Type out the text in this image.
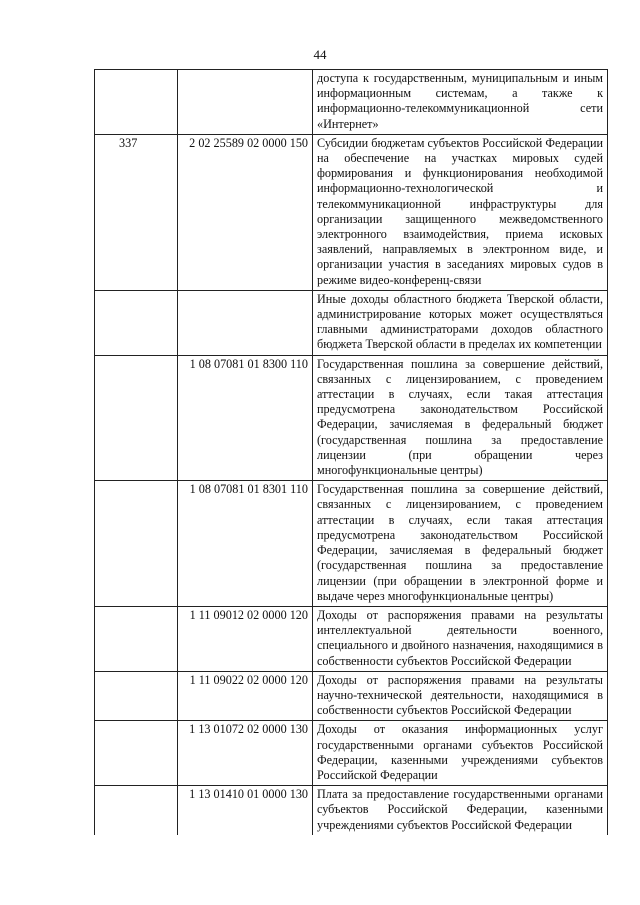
44
		доступа к государственным, муниципальным и иным информационным системам, а также к информационно-телекоммуникационной сети «Интернет»
337	2 02 25589 02 0000 150	Субсидии бюджетам субъектов Российской Федерации на обеспечение на участках мировых судей формирования и функционирования необходимой информационно-технологической и телекоммуникационной инфраструктуры для организации защищенного межведомственного электронного взаимодействия, приема исковых заявлений, направляемых в электронном виде, и организации участия в заседаниях мировых судов в режиме видео-конференц-связи
		Иные доходы областного бюджета Тверской области, администрирование которых может осуществляться главными администраторами доходов областного бюджета Тверской области в пределах их компетенции
	1 08 07081 01 8300 110	Государственная пошлина за совершение действий, связанных с лицензированием, с проведением аттестации в случаях, если такая аттестация предусмотрена законодательством Российской Федерации, зачисляемая в федеральный бюджет (государственная пошлина за предоставление лицензии (при обращении через многофункциональные центры)
	1 08 07081 01 8301 110	Государственная пошлина за совершение действий, связанных с лицензированием, с проведением аттестации в случаях, если такая аттестация предусмотрена законодательством Российской Федерации, зачисляемая в федеральный бюджет (государственная пошлина за предоставление лицензии (при обращении в электронной форме и выдаче через многофункциональные центры)
	1 11 09012 02 0000 120	Доходы от распоряжения правами на результаты интеллектуальной деятельности военного, специального и двойного назначения, находящимися в собственности субъектов Российской Федерации
	1 11 09022 02 0000 120	Доходы от распоряжения правами на результаты научно-технической деятельности, находящимися в собственности субъектов Российской Федерации
	1 13 01072 02 0000 130	Доходы от оказания информационных услуг государственными органами субъектов Российской Федерации, казенными учреждениями субъектов Российской Федерации
	1 13 01410 01 0000 130	Плата за предоставление государственными органами субъектов Российской Федерации, казенными учреждениями субъектов Российской Федерации
